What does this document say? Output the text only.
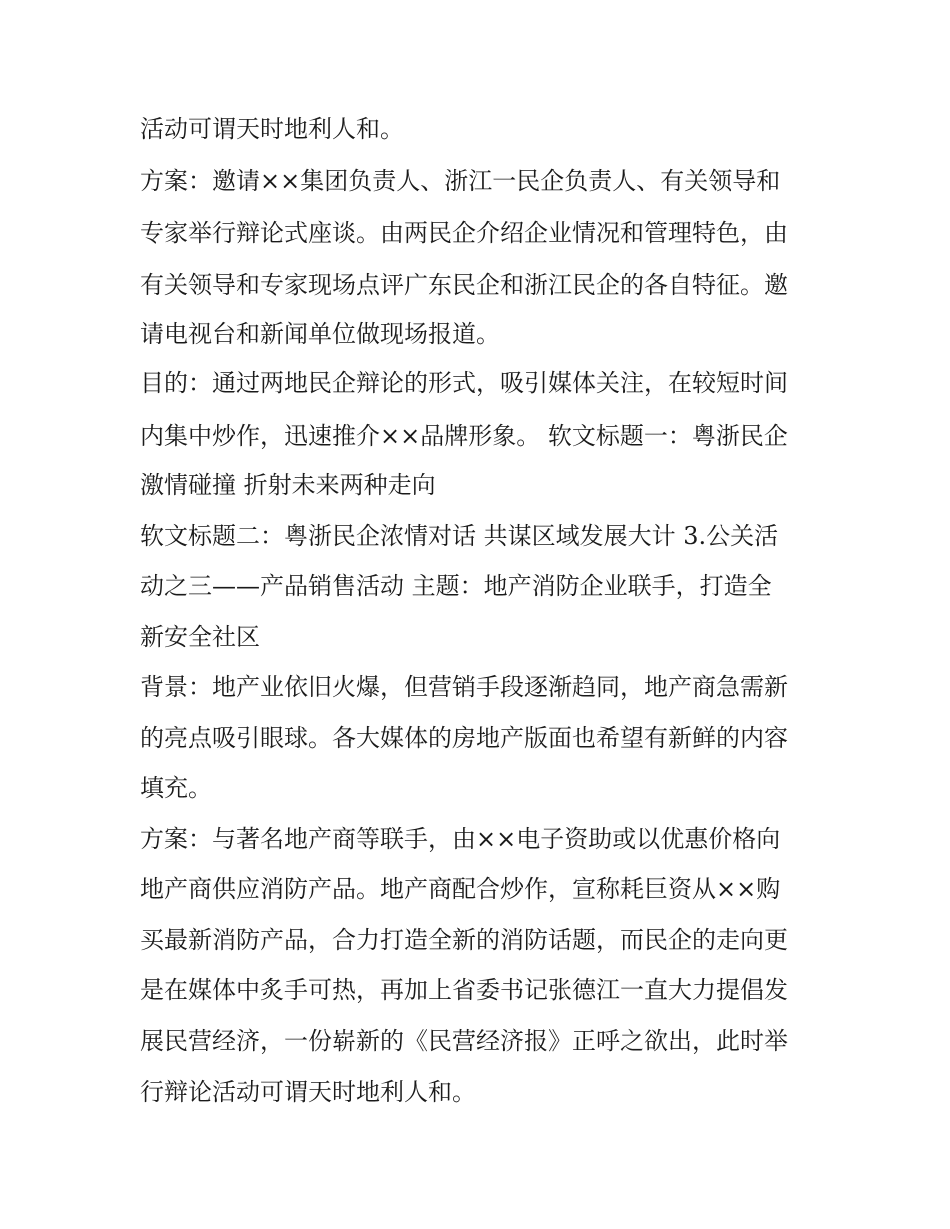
活动可谓天时地利人和。
方案：邀请××集团负责人、浙江一民企负责人、有关领导和
专家举行辩论式座谈。由两民企介绍企业情况和管理特色，由
有关领导和专家现场点评广东民企和浙江民企的各自特征。邀
请电视台和新闻单位做现场报道。
目的：通过两地民企辩论的形式，吸引媒体关注，在较短时间
内集中炒作，迅速推介××品牌形象。 软文标题一：粤浙民企
激情碰撞 折射未来两种走向
软文标题二：粤浙民企浓情对话 共谋区域发展大计 3.公关活
动之三——产品销售活动 主题：地产消防企业联手，打造全
新安全社区
背景：地产业依旧火爆，但营销手段逐渐趋同，地产商急需新
的亮点吸引眼球。各大媒体的房地产版面也希望有新鲜的内容
填充。
方案：与著名地产商等联手，由××电子资助或以优惠价格向
地产商供应消防产品。地产商配合炒作，宣称耗巨资从××购
买最新消防产品，合力打造全新的消防话题，而民企的走向更
是在媒体中炙手可热，再加上省委书记张德江一直大力提倡发
展民营经济，一份崭新的《民营经济报》正呼之欲出，此时举
行辩论活动可谓天时地利人和。
